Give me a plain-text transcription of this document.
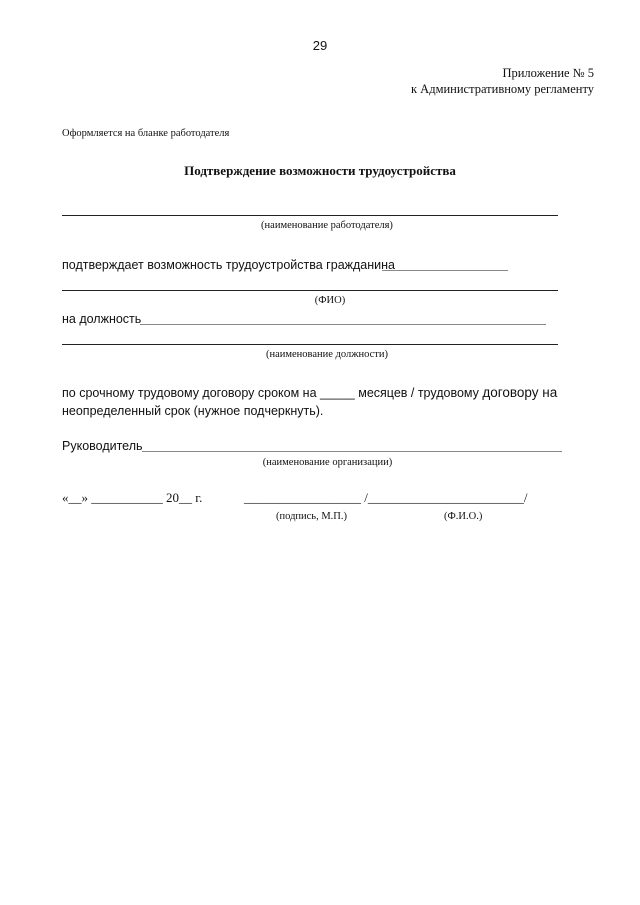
29
Приложение № 5
к Административному регламенту
Оформляется на бланке работодателя
Подтверждение возможности трудоустройства
(наименование работодателя)
подтверждает возможность трудоустройства гражданина
(ФИО)
на должность
(наименование должности)
по срочному трудовому договору сроком на _____ месяцев / трудовому договору на
неопределенный срок (нужное подчеркнуть).
Руководитель
(наименование организации)
«__» ___________ 20__ г.	__________________ /________________________/
(подпись, М.П.)	(Ф.И.О.)
